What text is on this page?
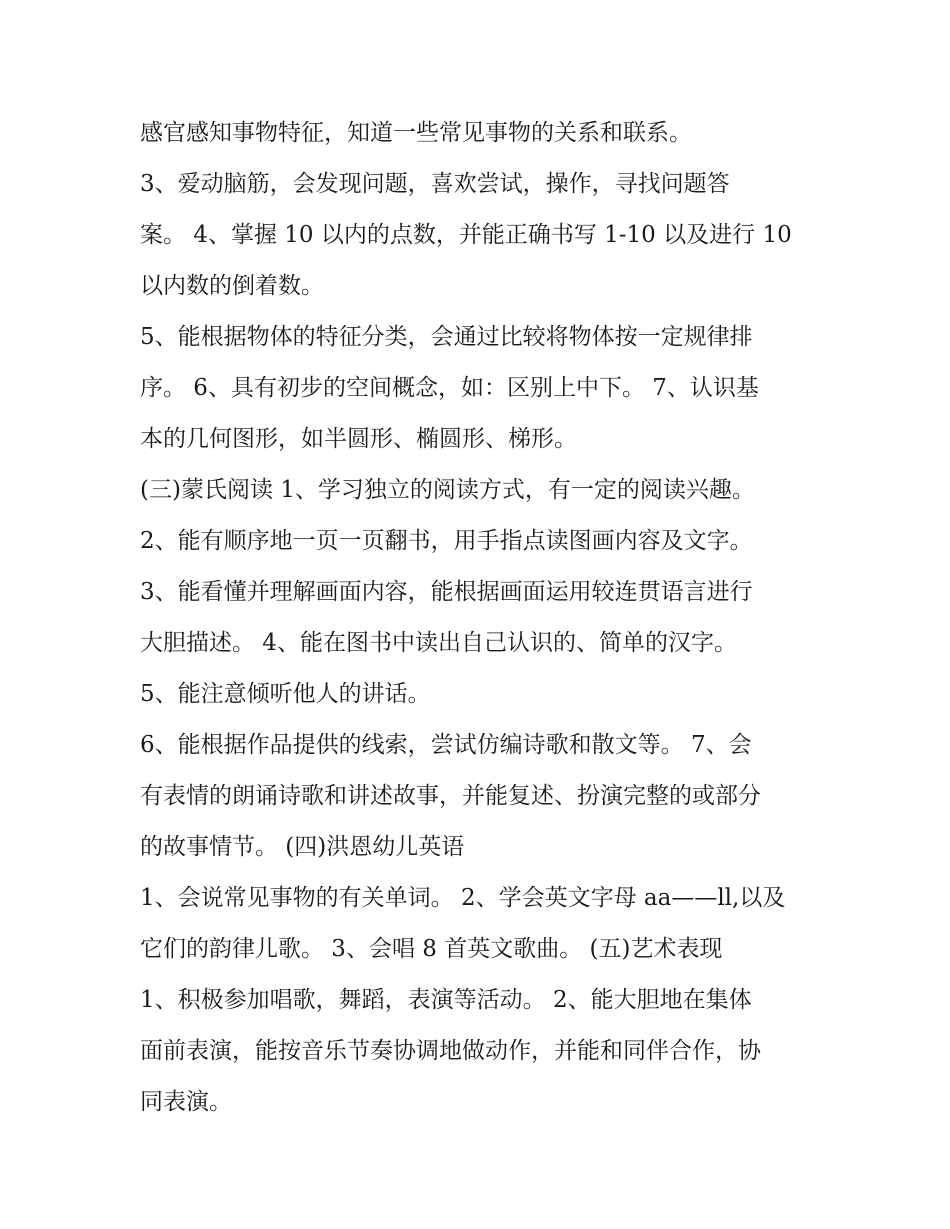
感官感知事物特征，知道一些常见事物的关系和联系。
3、爱动脑筋，会发现问题，喜欢尝试，操作，寻找问题答
案。 4、掌握 10 以内的点数，并能正确书写 1-10 以及进行 10
以内数的倒着数。
5、能根据物体的特征分类，会通过比较将物体按一定规律排
序。 6、具有初步的空间概念，如：区别上中下。 7、认识基
本的几何图形，如半圆形、椭圆形、梯形。
(三)蒙氏阅读 1、学习独立的阅读方式，有一定的阅读兴趣。
2、能有顺序地一页一页翻书，用手指点读图画内容及文字。
3、能看懂并理解画面内容，能根据画面运用较连贯语言进行
大胆描述。 4、能在图书中读出自己认识的、简单的汉字。
5、能注意倾听他人的讲话。
6、能根据作品提供的线索，尝试仿编诗歌和散文等。 7、会
有表情的朗诵诗歌和讲述故事，并能复述、扮演完整的或部分
的故事情节。 (四)洪恩幼儿英语
1、会说常见事物的有关单词。 2、学会英文字母 aa——ll,以及
它们的韵律儿歌。 3、会唱 8 首英文歌曲。 (五)艺术表现
1、积极参加唱歌，舞蹈，表演等活动。 2、能大胆地在集体
面前表演，能按音乐节奏协调地做动作，并能和同伴合作，协
同表演。
